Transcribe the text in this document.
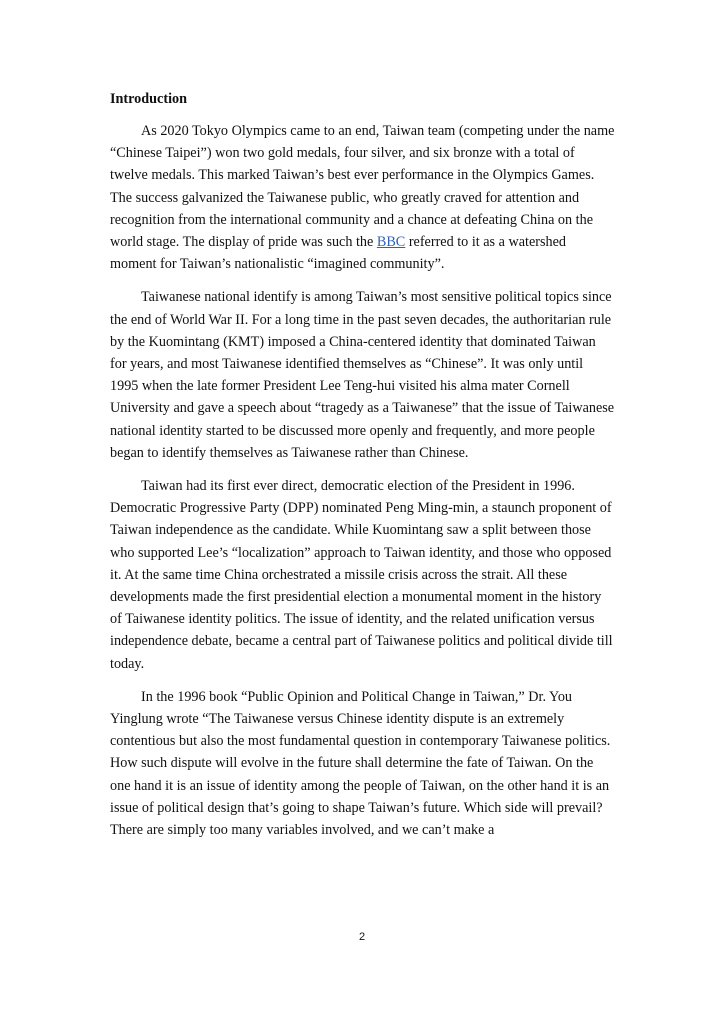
Introduction

As 2020 Tokyo Olympics came to an end, Taiwan team (competing under the name “Chinese Taipei”) won two gold medals, four silver, and six bronze with a total of twelve medals. This marked Taiwan’s best ever performance in the Olympics Games. The success galvanized the Taiwanese public, who greatly craved for attention and recognition from the international community and a chance at defeating China on the world stage. The display of pride was such the BBC referred to it as a watershed moment for Taiwan’s nationalistic “imagined community”.

Taiwanese national identify is among Taiwan’s most sensitive political topics since the end of World War II. For a long time in the past seven decades, the authoritarian rule by the Kuomintang (KMT) imposed a China-centered identity that dominated Taiwan for years, and most Taiwanese identified themselves as “Chinese”. It was only until 1995 when the late former President Lee Teng-hui visited his alma mater Cornell University and gave a speech about “tragedy as a Taiwanese” that the issue of Taiwanese national identity started to be discussed more openly and frequently, and more people began to identify themselves as Taiwanese rather than Chinese.

Taiwan had its first ever direct, democratic election of the President in 1996. Democratic Progressive Party (DPP) nominated Peng Ming-min, a staunch proponent of Taiwan independence as the candidate. While Kuomintang saw a split between those who supported Lee’s “localization” approach to Taiwan identity, and those who opposed it. At the same time China orchestrated a missile crisis across the strait. All these developments made the first presidential election a monumental moment in the history of Taiwanese identity politics. The issue of identity, and the related unification versus independence debate, became a central part of Taiwanese politics and political divide till today.

In the 1996 book “Public Opinion and Political Change in Taiwan,” Dr. You Yinglung wrote “The Taiwanese versus Chinese identity dispute is an extremely contentious but also the most fundamental question in contemporary Taiwanese politics. How such dispute will evolve in the future shall determine the fate of Taiwan. On the one hand it is an issue of identity among the people of Taiwan, on the other hand it is an issue of political design that’s going to shape Taiwan’s future. Which side will prevail? There are simply too many variables involved, and we can’t make a

2
